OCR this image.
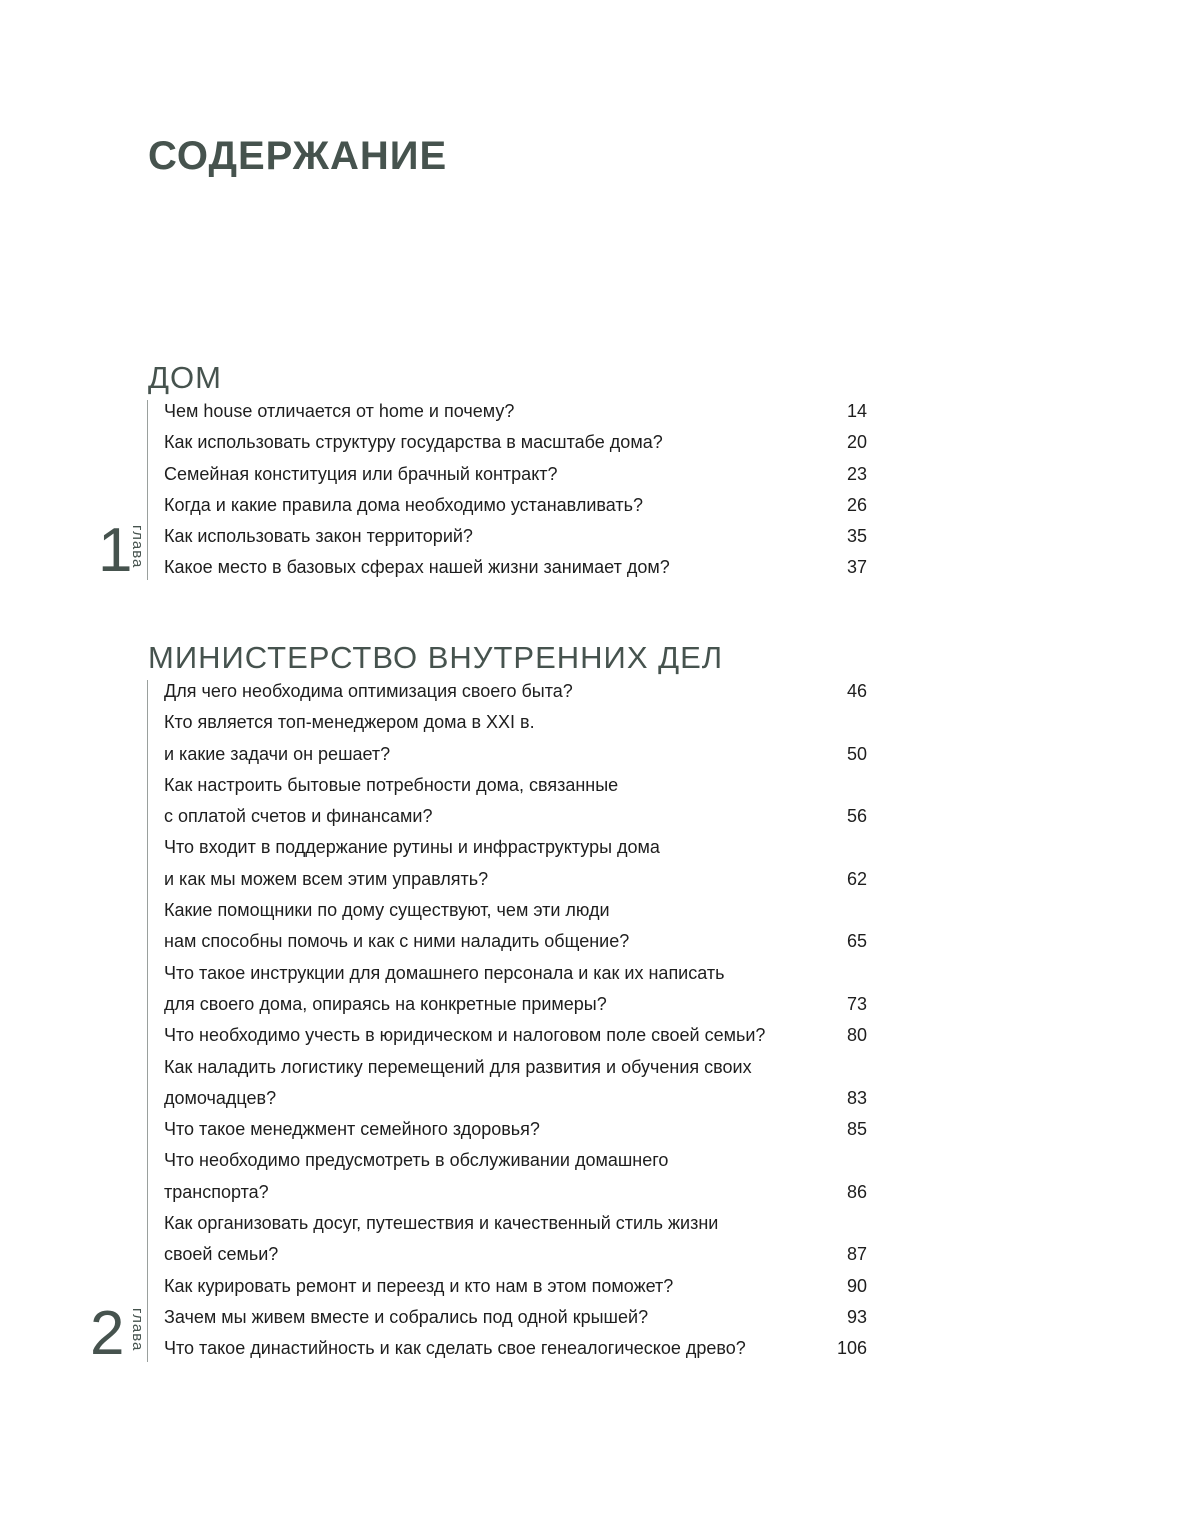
СОДЕРЖАНИЕ
ДОМ
1
глава
Чем house отличается от home и почему?	14
Как использовать структуру государства в масштабе дома?	20
Семейная конституция или брачный контракт?	23
Когда и какие правила дома необходимо устанавливать?	26
Как использовать закон территорий?	35
Какое место в базовых сферах нашей жизни занимает дом?	37
МИНИСТЕРСТВО ВНУТРЕННИХ ДЕЛ
2 глава
Для чего необходима оптимизация своего быта?	46
Кто является топ-менеджером дома в XXI в.
и какие задачи он решает?	50
Как настроить бытовые потребности дома, связанные
с оплатой счетов и финансами?	56
Что входит в поддержание рутины и инфраструктуры дома
и как мы можем всем этим управлять?	62
Какие помощники по дому существуют, чем эти люди
нам способны помочь и как с ними наладить общение?	65
Что такое инструкции для домашнего персонала и как их написать
для своего дома, опираясь на конкретные примеры?	73
Что необходимо учесть в юридическом и налоговом поле своей семьи?	80
Как наладить логистику перемещений для развития и обучения своих
домочадцев?	83
Что такое менеджмент семейного здоровья?	85
Что необходимо предусмотреть в обслуживании домашнего
транспорта?	86
Как организовать досуг, путешествия и качественный стиль жизни
своей семьи?	87
Как курировать ремонт и переезд и кто нам в этом поможет?	90
Зачем мы живем вместе и собрались под одной крышей?	93
Что такое династийность и как сделать свое генеалогическое древо?	106
